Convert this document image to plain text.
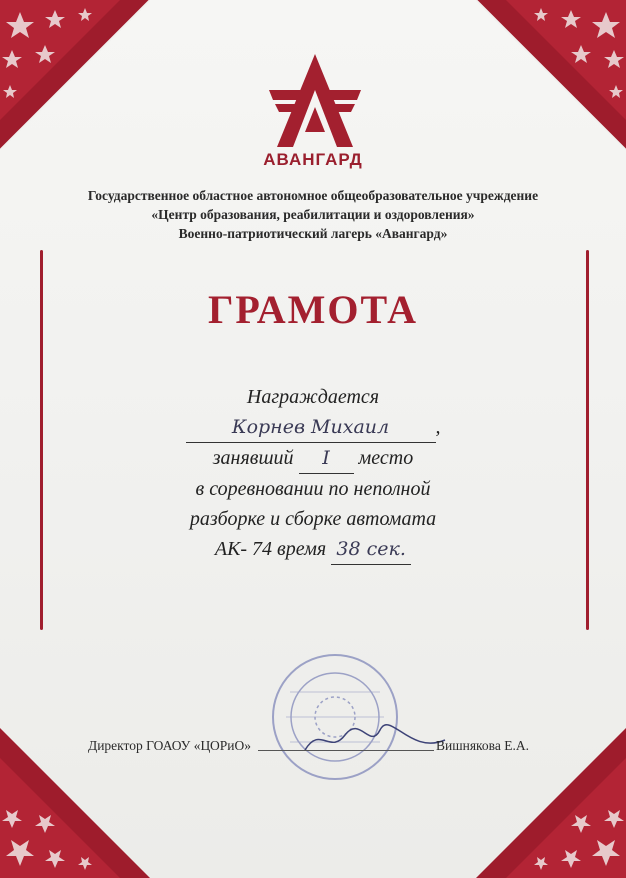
АВАНГАРД
Государственное областное автономное общеобразовательное учреждение
«Центр образования, реабилитации и оздоровления»
Военно-патриотический лагерь «Авангард»
ГРАМОТА
Награждается
Корнев Михаил ,
занявший I место
в соревновании по неполной
разборке и сборке автомата
АК- 74 время 38 сек.
Директор ГОАОУ «ЦОРиО»	Вишнякова Е.А.
